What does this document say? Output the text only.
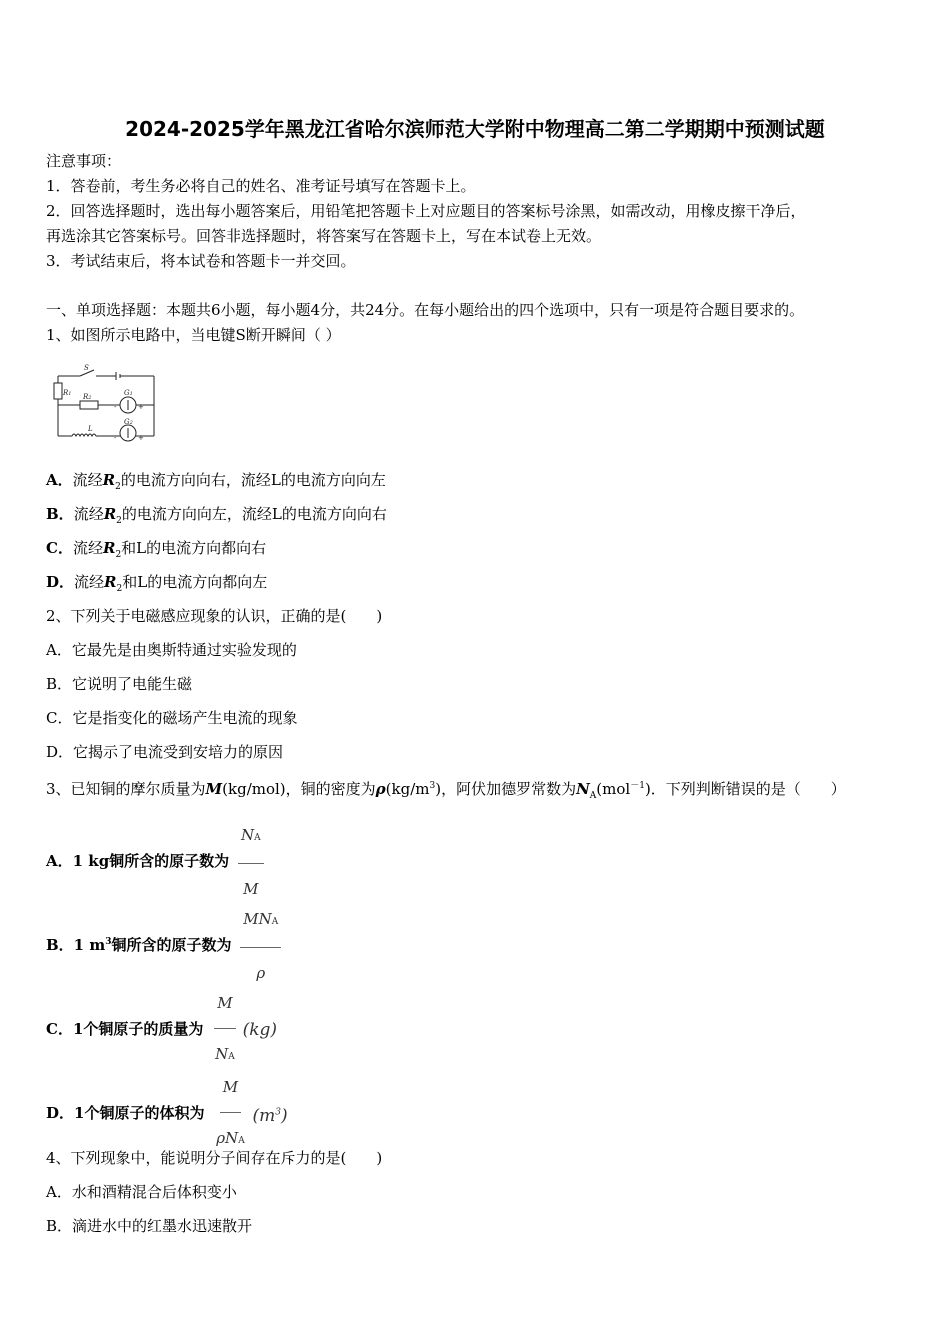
2024-2025学年黑龙江省哈尔滨师范大学附中物理高二第二学期期中预测试题
注意事项：
1．答卷前，考生务必将自己的姓名、准考证号填写在答题卡上。
2．回答选择题时，选出每小题答案后，用铅笔把答题卡上对应题目的答案标号涂黑，如需改动，用橡皮擦干净后，
再选涂其它答案标号。回答非选择题时，将答案写在答题卡上，写在本试卷上无效。
3．考试结束后，将本试卷和答题卡一并交回。
一、单项选择题：本题共6小题，每小题4分，共24分。在每小题给出的四个选项中，只有一项是符合题目要求的。
1、如图所示电路中，当电键S断开瞬间（ ）
S
R1 R2
G1
G2
L
-	+
-	+
A．流经$R_2$的电流方向向右，流经L的电流方向向左
B．流经$R_2$的电流方向向左，流经L的电流方向向右
C．流经$R_2$和L的电流方向都向右
D．流经$R_2$和L的电流方向都向左
2、下列关于电磁感应现象的认识，正确的是(　　)
A．它最先是由奥斯特通过实验发现的
B．它说明了电能生磁
C．它是指变化的磁场产生电流的现象
D．它揭示了电流受到安培力的原因
3、已知铜的摩尔质量为M(kg/mol)，铜的密度为$\rho(kg/m^3)$，阿伏加德罗常数为$N_A(mol^{-1})$．下列判断错误的是（　　）
A．1 kg铜所含的原子数为 $\frac{NA}{M}$
B．1 $m^3$铜所含的原子数为 $\frac{\text{MNA}}{\rho}$
C．1个铜原子的质量为 $\frac{M}{NA} (kg)$
D．1个铜原子的体积为 $\frac{M}{\text{ρNA}} (m^3)$
4、下列现象中，能说明分子间存在斥力的是(　　)
A．水和酒精混合后体积变小
B．滴进水中的红墨水迅速散开
